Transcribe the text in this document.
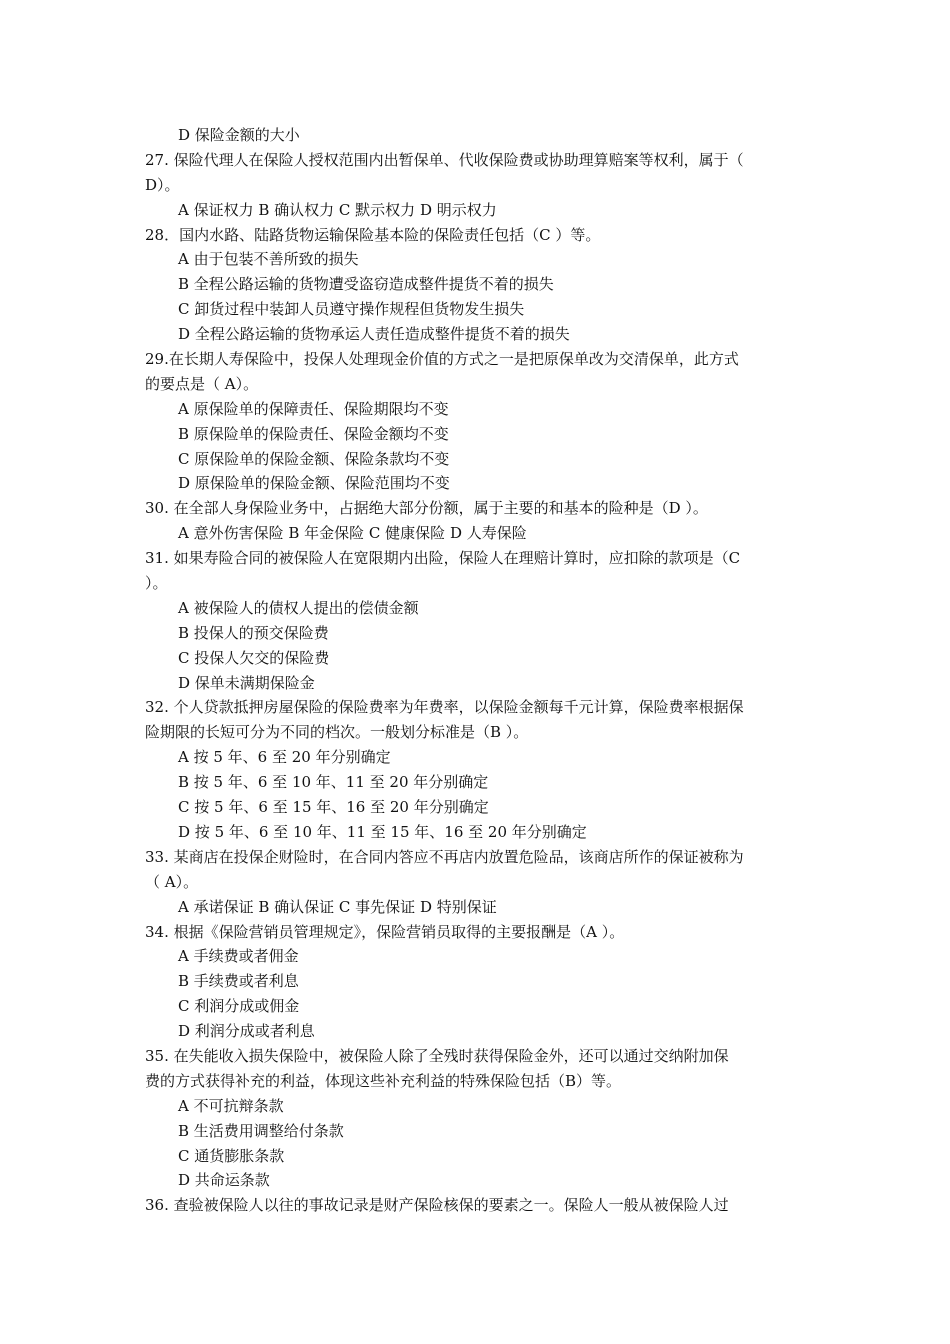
D 保险金额的大小
27. 保险代理人在保险人授权范围内出暂保单、代收保险费或协助理算赔案等权利，属于（
D）。
A 保证权力 B 确认权力 C 默示权力 D 明示权力
28．国内水路、陆路货物运输保险基本险的保险责任包括（C ）等。
A 由于包装不善所致的损失
B 全程公路运输的货物遭受盗窃造成整件提货不着的损失
C 卸货过程中装卸人员遵守操作规程但货物发生损失
D 全程公路运输的货物承运人责任造成整件提货不着的损失
29.在长期人寿保险中，投保人处理现金价值的方式之一是把原保单改为交清保单，此方式
的要点是（ A）。
A 原保险单的保障责任、保险期限均不变
B 原保险单的保险责任、保险金额均不变
C 原保险单的保险金额、保险条款均不变
D 原保险单的保险金额、保险范围均不变
30. 在全部人身保险业务中，占据绝大部分份额，属于主要的和基本的险种是（D ）。
A 意外伤害保险 B 年金保险 C 健康保险 D 人寿保险
31. 如果寿险合同的被保险人在宽限期内出险，保险人在理赔计算时，应扣除的款项是（C
）。
A 被保险人的债权人提出的偿债金额
B 投保人的预交保险费
C 投保人欠交的保险费
D 保单未满期保险金
32. 个人贷款抵押房屋保险的保险费率为年费率，以保险金额每千元计算，保险费率根据保
险期限的长短可分为不同的档次。一般划分标准是（B ）。
A 按 5 年、6 至 20 年分别确定
B 按 5 年、6 至 10 年、11 至 20 年分别确定
C 按 5 年、6 至 15 年、16 至 20 年分别确定
D 按 5 年、6 至 10 年、11 至 15 年、16 至 20 年分别确定
33. 某商店在投保企财险时，在合同内答应不再店内放置危险品，该商店所作的保证被称为
（ A）。
A 承诺保证 B 确认保证 C 事先保证 D 特别保证
34. 根据《保险营销员管理规定》，保险营销员取得的主要报酬是（A ）。
A 手续费或者佣金
B 手续费或者利息
C 利润分成或佣金
D 利润分成或者利息
35. 在失能收入损失保险中，被保险人除了全残时获得保险金外，还可以通过交纳附加保
费的方式获得补充的利益，体现这些补充利益的特殊保险包括（B）等。
A 不可抗辩条款
B 生活费用调整给付条款
C 通货膨胀条款
D 共命运条款
36. 查验被保险人以往的事故记录是财产保险核保的要素之一。保险人一般从被保险人过
